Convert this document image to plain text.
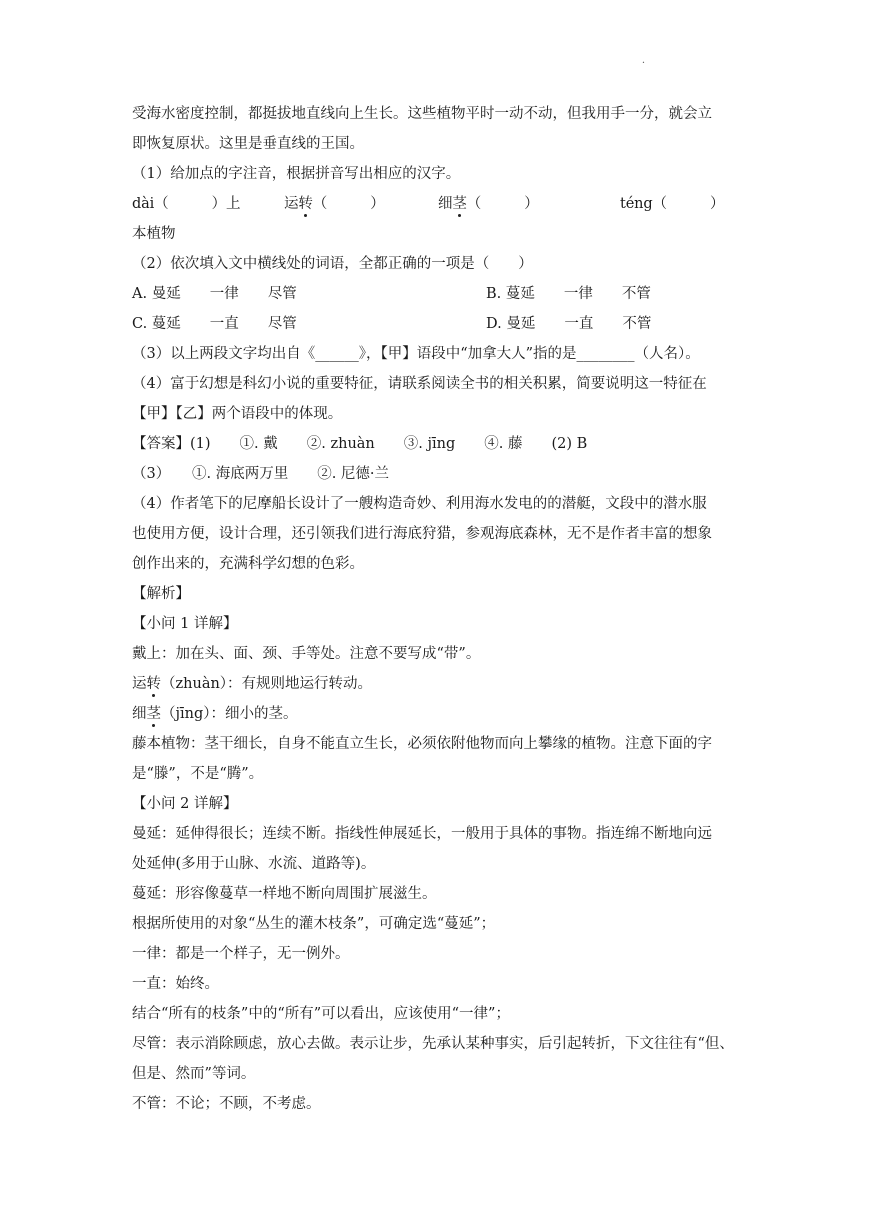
.
受海水密度控制，都挺拔地直线向上生长。这些植物平时一动不动，但我用手一分，就会立
即恢复原状。这里是垂直线的王国。
（1）给加点的字注音，根据拼音写出相应的汉字。
dài（　　　）上	运转（　　　）	细茎（　　　）	téng（　　　）
本植物
（2）依次填入文中横线处的词语，全都正确的一项是（　　）
A. 曼延　　一律　　尽管	B. 蔓延　　一律　　不管
C. 蔓延　　一直　　尽管	D. 曼延　　一直　　不管
（3）以上两段文字均出自《______》，【甲】语段中“加拿大人”指的是________（人名）。
（4）富于幻想是科幻小说的重要特征，请联系阅读全书的相关积累，简要说明这一特征在
【甲】【乙】两个语段中的体现。
【答案】(1)　　①. 戴　　②. zhuàn　　③. jīng　　④. 藤　　(2) B
（3）　　①. 海底两万里　　②. 尼德·兰
（4）作者笔下的尼摩船长设计了一艘构造奇妙、利用海水发电的的潜艇，文段中的潜水服
也使用方便，设计合理，还引领我们进行海底狩猎，参观海底森林，无不是作者丰富的想象
创作出来的，充满科学幻想的色彩。
【解析】
【小问 1 详解】
戴上：加在头、面、颈、手等处。注意不要写成“带”。
运转（zhuàn）：有规则地运行转动。
细茎（jīng）：细小的茎。
藤本植物：茎干细长，自身不能直立生长，必须依附他物而向上攀缘的植物。注意下面的字
是“滕”，不是“腾”。
【小问 2 详解】
曼延：延伸得很长；连续不断。指线性伸展延长，一般用于具体的事物。指连绵不断地向远
处延伸(多用于山脉、水流、道路等)。
蔓延：形容像蔓草一样地不断向周围扩展滋生。
根据所使用的对象“丛生的灌木枝条”，可确定选“蔓延”；
一律：都是一个样子，无一例外。
一直：始终。
结合“所有的枝条”中的“所有”可以看出，应该使用“一律”；
尽管：表示消除顾虑，放心去做。表示让步，先承认某种事实，后引起转折，下文往往有“但、
但是、然而”等词。
不管：不论；不顾，不考虑。
